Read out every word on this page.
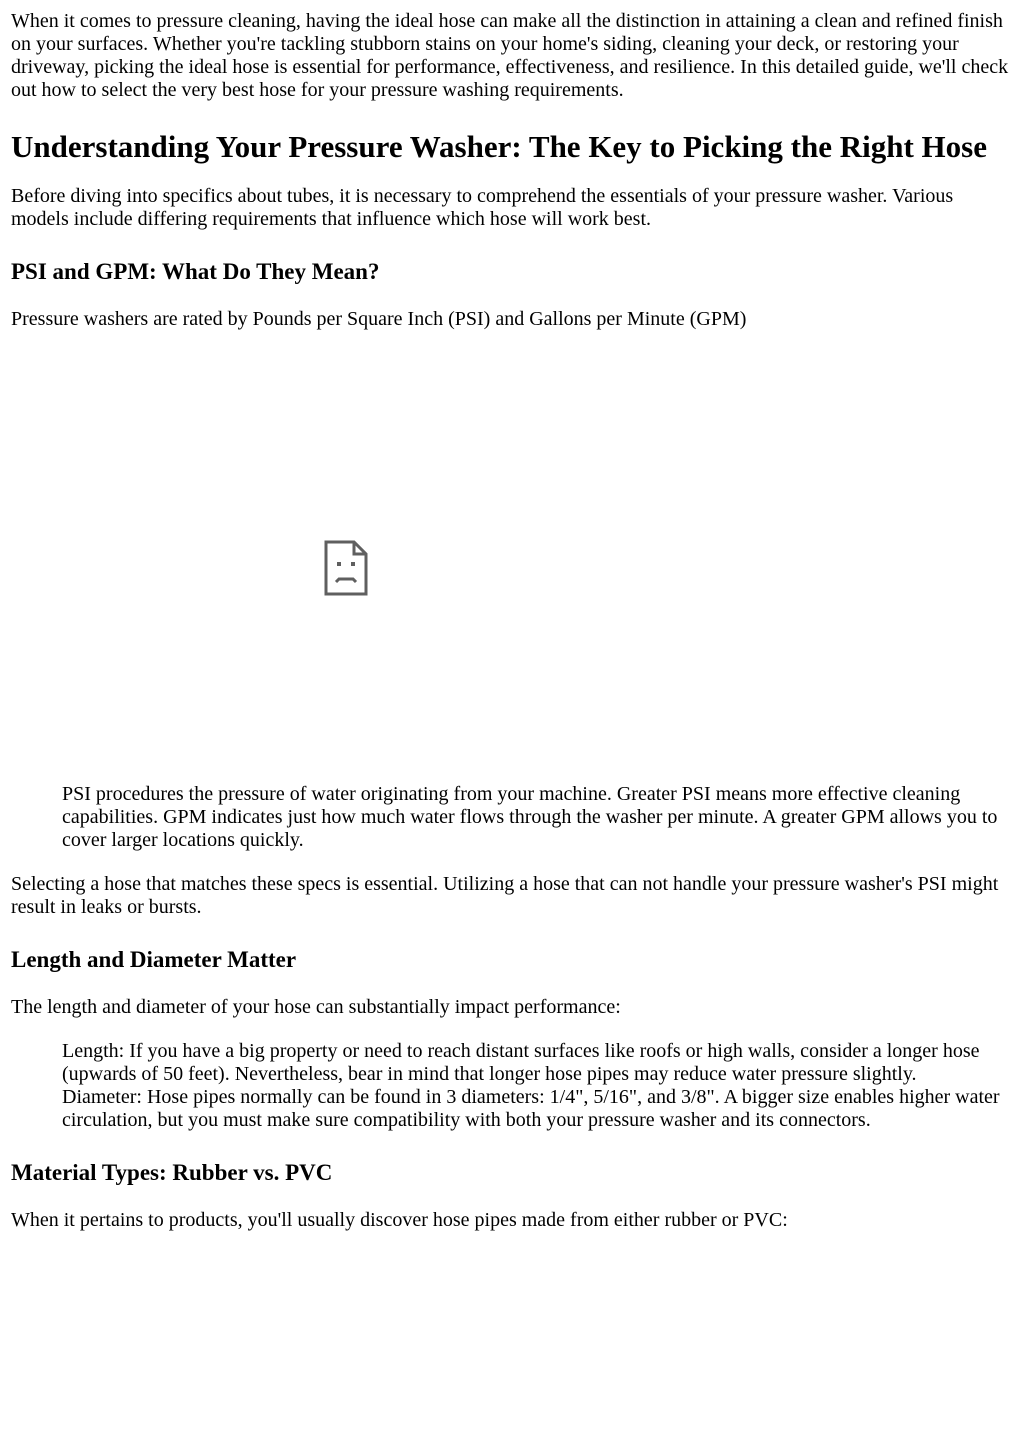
When it comes to pressure cleaning, having the ideal hose can make all the distinction in attaining a clean and refined finish on your surfaces. Whether you're tackling stubborn stains on your home's siding, cleaning your deck, or restoring your driveway, picking the ideal hose is essential for performance, effectiveness, and resilience. In this detailed guide, we'll check out how to select the very best hose for your pressure washing requirements.

Understanding Your Pressure Washer: The Key to Picking the Right Hose

Before diving into specifics about tubes, it is necessary to comprehend the essentials of your pressure washer. Various models include differing requirements that influence which hose will work best.

PSI and GPM: What Do They Mean?

Pressure washers are rated by Pounds per Square Inch (PSI) and Gallons per Minute (GPM)

PSI procedures the pressure of water originating from your machine. Greater PSI means more effective cleaning capabilities. GPM indicates just how much water flows through the washer per minute. A greater GPM allows you to cover larger locations quickly.

Selecting a hose that matches these specs is essential. Utilizing a hose that can not handle your pressure washer's PSI might result in leaks or bursts.

Length and Diameter Matter

The length and diameter of your hose can substantially impact performance:

Length: If you have a big property or need to reach distant surfaces like roofs or high walls, consider a longer hose (upwards of 50 feet). Nevertheless, bear in mind that longer hose pipes may reduce water pressure slightly.
Diameter: Hose pipes normally can be found in 3 diameters: 1/4", 5/16", and 3/8". A bigger size enables higher water circulation, but you must make sure compatibility with both your pressure washer and its connectors.
Material Types: Rubber vs. PVC

When it pertains to products, you'll usually discover hose pipes made from either rubber or PVC:
